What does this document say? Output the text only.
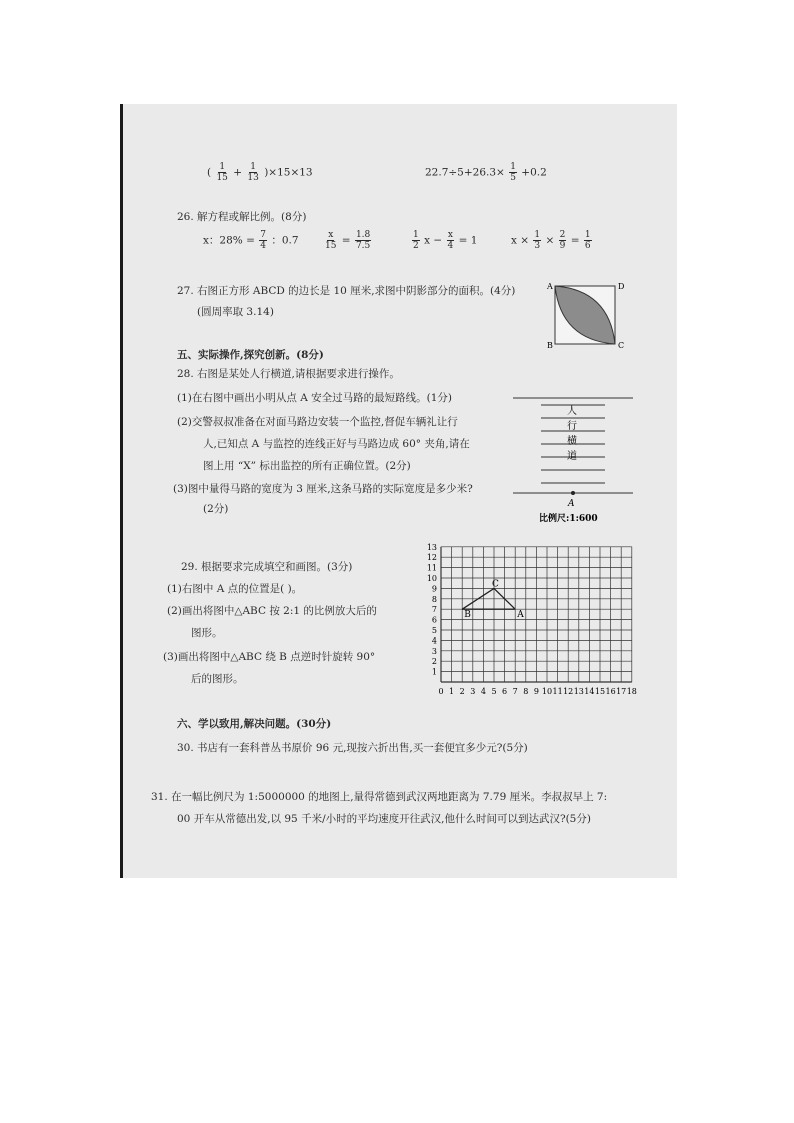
( $\frac{1}{15} + \frac{1}{13} )\times 15\times 13$	$22.7\div 5+26.3\times \frac{1}{5} +0.2$
26. 解方程或解比例。(8分)
x：$28\% = \frac{7}{4}$ ：0.7	$\frac{x}{15} = \frac{1.8}{7.5}$	$\frac{1}{2}$ $x - \frac{x}{4} = 1$	$x \times \frac{1}{3} \times \frac{2}{9} = \frac{1}{6}$
27. 右图正方形 ABCD 的边长是 10 厘米,求图中阴影部分的面积。(4分)
(圆周率取 3.14)
A	D
B	C
五、实际操作,探究创新。(8分)
28. 右图是某处人行横道,请根据要求进行操作。
(1)在右图中画出小明从点 A 安全过马路的最短路线。(1分)
(2)交警叔叔准备在对面马路边安装一个监控,督促车辆礼让行
人,已知点 A 与监控的连线正好与马路边成 60° 夹角,请在
图上用 “X” 标出监控的所有正确位置。(2分)
(3)图中量得马路的宽度为 3 厘米,这条马路的实际宽度是多少米?
(2分)
人
行
横
道
A
比例尺:1:600
29. 根据要求完成填空和画图。(3分)
(1)右图中 A 点的位置是( )。
(2)画出将图中△ABC 按 2:1 的比例放大后的
图形。
(3)画出将图中△ABC 绕 B 点逆时针旋转 90°
后的图形。
0 1 2 3 4 5 6 7 8 9 10 11 12 13 14 15 16 17 18
13
12
11
10
9
8
7
6
5
4
3
2
1
B
C
A
六、学以致用,解决问题。(30分)
30. 书店有一套科普丛书原价 96 元,现按六折出售,买一套便宜多少元?(5分)
31. 在一幅比例尺为 1:5000000 的地图上,量得常德到武汉两地距离为 7.79 厘米。李叔叔早上 7:
00 开车从常德出发,以 95 千米/小时的平均速度开往武汉,他什么时间可以到达武汉?(5分)
